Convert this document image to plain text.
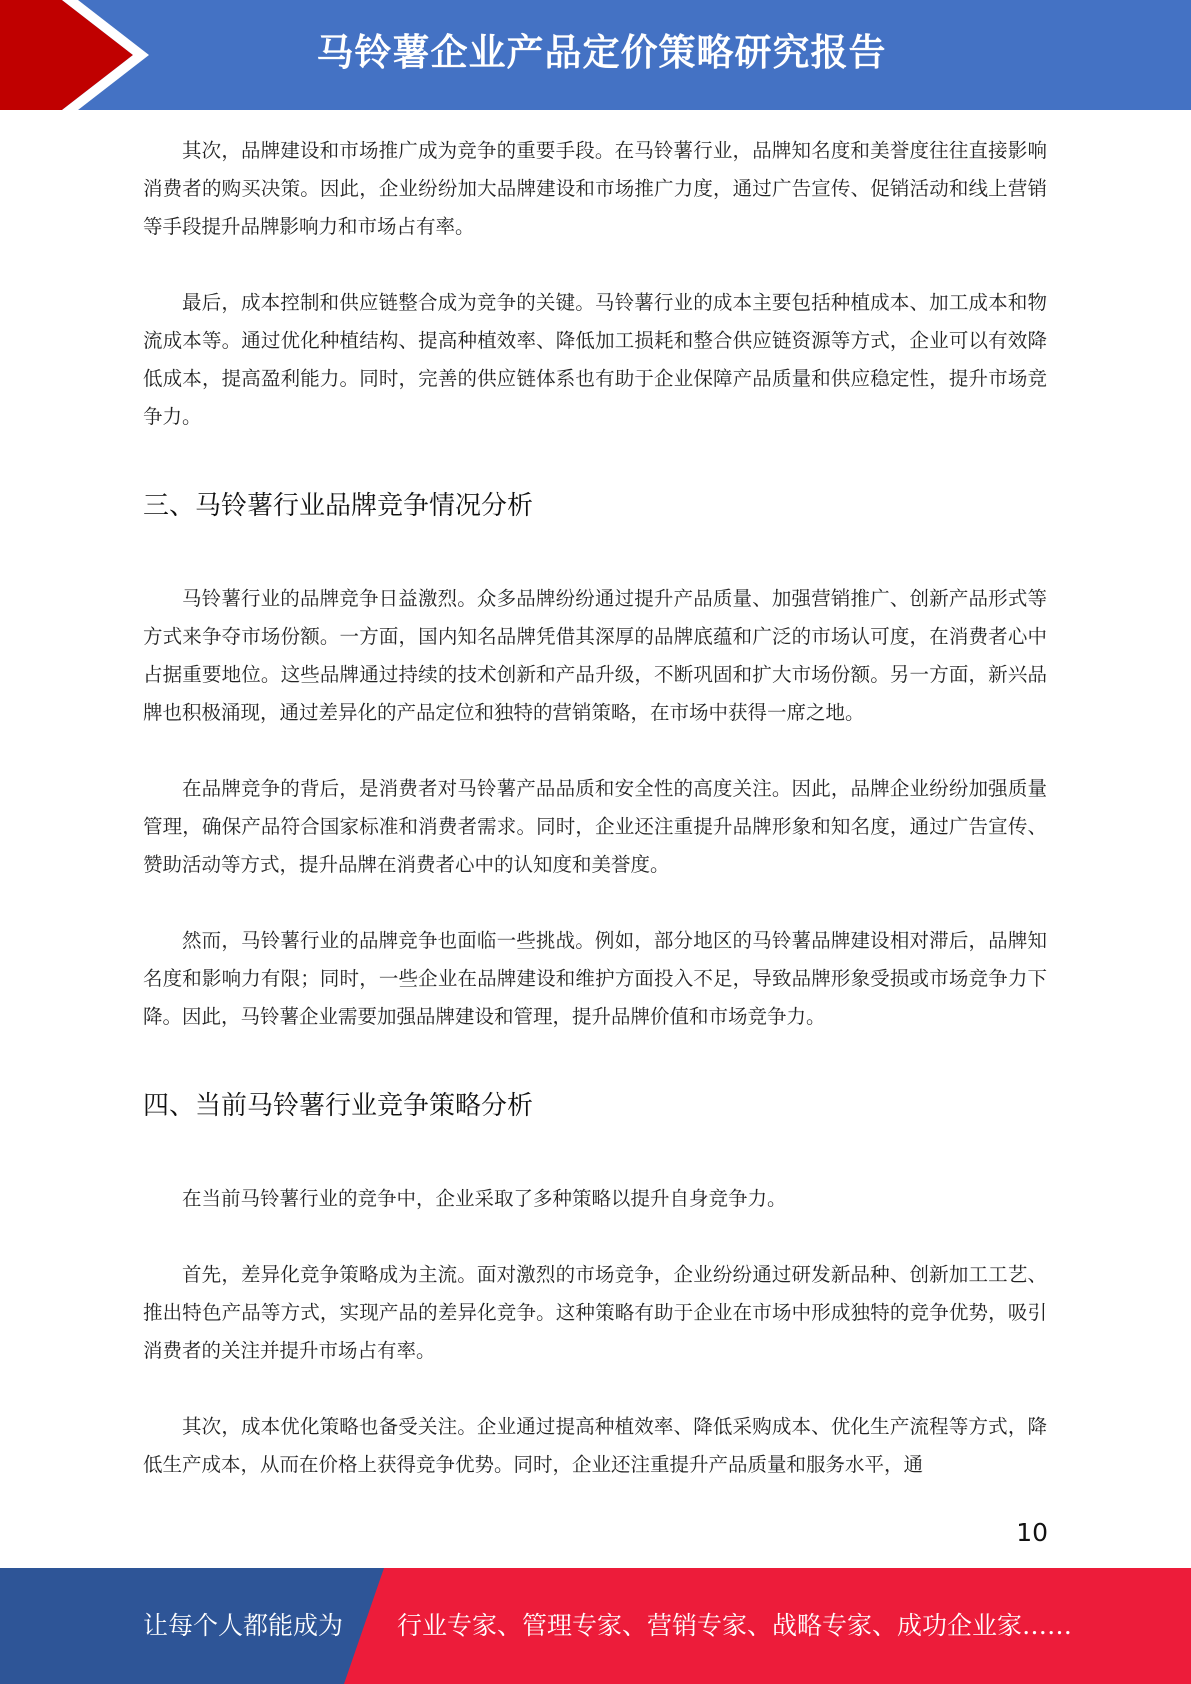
马铃薯企业产品定价策略研究报告

其次，品牌建设和市场推广成为竞争的重要手段。在马铃薯行业，品牌知名度和美誉度往往直接影响消费者的购买决策。因此，企业纷纷加大品牌建设和市场推广力度，通过广告宣传、促销活动和线上营销等手段提升品牌影响力和市场占有率。

最后，成本控制和供应链整合成为竞争的关键。马铃薯行业的成本主要包括种植成本、加工成本和物流成本等。通过优化种植结构、提高种植效率、降低加工损耗和整合供应链资源等方式，企业可以有效降低成本，提高盈利能力。同时，完善的供应链体系也有助于企业保障产品质量和供应稳定性，提升市场竞争力。

三、马铃薯行业品牌竞争情况分析

马铃薯行业的品牌竞争日益激烈。众多品牌纷纷通过提升产品质量、加强营销推广、创新产品形式等方式来争夺市场份额。一方面，国内知名品牌凭借其深厚的品牌底蕴和广泛的市场认可度，在消费者心中占据重要地位。这些品牌通过持续的技术创新和产品升级，不断巩固和扩大市场份额。另一方面，新兴品牌也积极涌现，通过差异化的产品定位和独特的营销策略，在市场中获得一席之地。

在品牌竞争的背后，是消费者对马铃薯产品品质和安全性的高度关注。因此，品牌企业纷纷加强质量管理，确保产品符合国家标准和消费者需求。同时，企业还注重提升品牌形象和知名度，通过广告宣传、赞助活动等方式，提升品牌在消费者心中的认知度和美誉度。

然而，马铃薯行业的品牌竞争也面临一些挑战。例如，部分地区的马铃薯品牌建设相对滞后，品牌知名度和影响力有限；同时，一些企业在品牌建设和维护方面投入不足，导致品牌形象受损或市场竞争力下降。因此，马铃薯企业需要加强品牌建设和管理，提升品牌价值和市场竞争力。

四、当前马铃薯行业竞争策略分析

在当前马铃薯行业的竞争中，企业采取了多种策略以提升自身竞争力。

首先，差异化竞争策略成为主流。面对激烈的市场竞争，企业纷纷通过研发新品种、创新加工工艺、推出特色产品等方式，实现产品的差异化竞争。这种策略有助于企业在市场中形成独特的竞争优势，吸引消费者的关注并提升市场占有率。

其次，成本优化策略也备受关注。企业通过提高种植效率、降低采购成本、优化生产流程等方式，降低生产成本，从而在价格上获得竞争优势。同时，企业还注重提升产品质量和服务水平，通

10
让每个人都能成为 行业专家、管理专家、营销专家、战略专家、成功企业家……
